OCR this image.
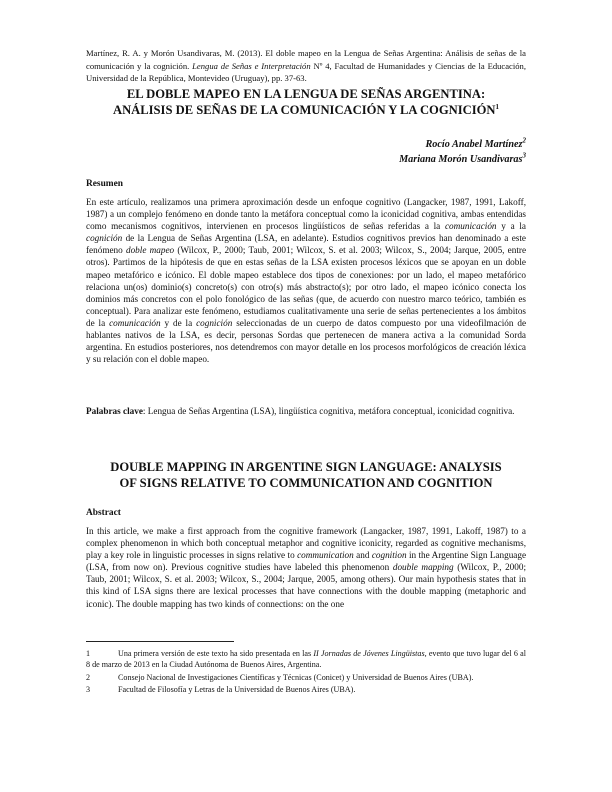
Martínez, R. A. y Morón Usandivaras, M. (2013). El doble mapeo en la Lengua de Señas Argentina: Análisis de señas de la comunicación y la cognición. Lengua de Señas e Interpretación Nº 4, Facultad de Humanidades y Ciencias de la Educación, Universidad de la República, Montevideo (Uruguay), pp. 37-63.
EL DOBLE MAPEO EN LA LENGUA DE SEÑAS ARGENTINA:
ANÁLISIS DE SEÑAS DE LA COMUNICACIÓN Y LA COGNICIÓN$^1$
Rocío Anabel Martínez$^2$
Mariana Morón Usandivaras$^3$
Resumen
En este artículo, realizamos una primera aproximación desde un enfoque cognitivo (Langacker, 1987, 1991, Lakoff, 1987) a un complejo fenómeno en donde tanto la metáfora conceptual como la iconicidad cognitiva, ambas entendidas como mecanismos cognitivos, intervienen en procesos lingüísticos de señas referidas a la comunicación y a la cognición de la Lengua de Señas Argentina (LSA, en adelante). Estudios cognitivos previos han denominado a este fenómeno doble mapeo (Wilcox, P., 2000; Taub, 2001; Wilcox, S. et al. 2003; Wilcox, S., 2004; Jarque, 2005, entre otros). Partimos de la hipótesis de que en estas señas de la LSA existen procesos léxicos que se apoyan en un doble mapeo metafórico e icónico. El doble mapeo establece dos tipos de conexiones: por un lado, el mapeo metafórico relaciona un(os) dominio(s) concreto(s) con otro(s) más abstracto(s); por otro lado, el mapeo icónico conecta los dominios más concretos con el polo fonológico de las señas (que, de acuerdo con nuestro marco teórico, también es conceptual). Para analizar este fenómeno, estudiamos cualitativamente una serie de señas pertenecientes a los ámbitos de la comunicación y de la cognición seleccionadas de un cuerpo de datos compuesto por una videofilmación de hablantes nativos de la LSA, es decir, personas Sordas que pertenecen de manera activa a la comunidad Sorda argentina. En estudios posteriores, nos detendremos con mayor detalle en los procesos morfológicos de creación léxica y su relación con el doble mapeo.
Palabras clave: Lengua de Señas Argentina (LSA), lingüística cognitiva, metáfora conceptual, iconicidad cognitiva.
DOUBLE MAPPING IN ARGENTINE SIGN LANGUAGE: ANALYSIS
OF SIGNS RELATIVE TO COMMUNICATION AND COGNITION
Abstract
In this article, we make a first approach from the cognitive framework (Langacker, 1987, 1991, Lakoff, 1987) to a complex phenomenon in which both conceptual metaphor and cognitive iconicity, regarded as cognitive mechanisms, play a key role in linguistic processes in signs relative to communication and cognition in the Argentine Sign Language (LSA, from now on). Previous cognitive studies have labeled this phenomenon double mapping (Wilcox, P., 2000; Taub, 2001; Wilcox, S. et al. 2003; Wilcox, S., 2004; Jarque, 2005, among others). Our main hypothesis states that in this kind of LSA signs there are lexical processes that have connections with the double mapping (metaphoric and iconic). The double mapping has two kinds of connections: on the one
1	Una primera versión de este texto ha sido presentada en las II Jornadas de Jóvenes Lingüistas, evento que tuvo lugar del 6 al 8 de marzo de 2013 en la Ciudad Autónoma de Buenos Aires, Argentina.
2	Consejo Nacional de Investigaciones Científicas y Técnicas (Conicet) y Universidad de Buenos Aires (UBA).
3	Facultad de Filosofía y Letras de la Universidad de Buenos Aires (UBA).
